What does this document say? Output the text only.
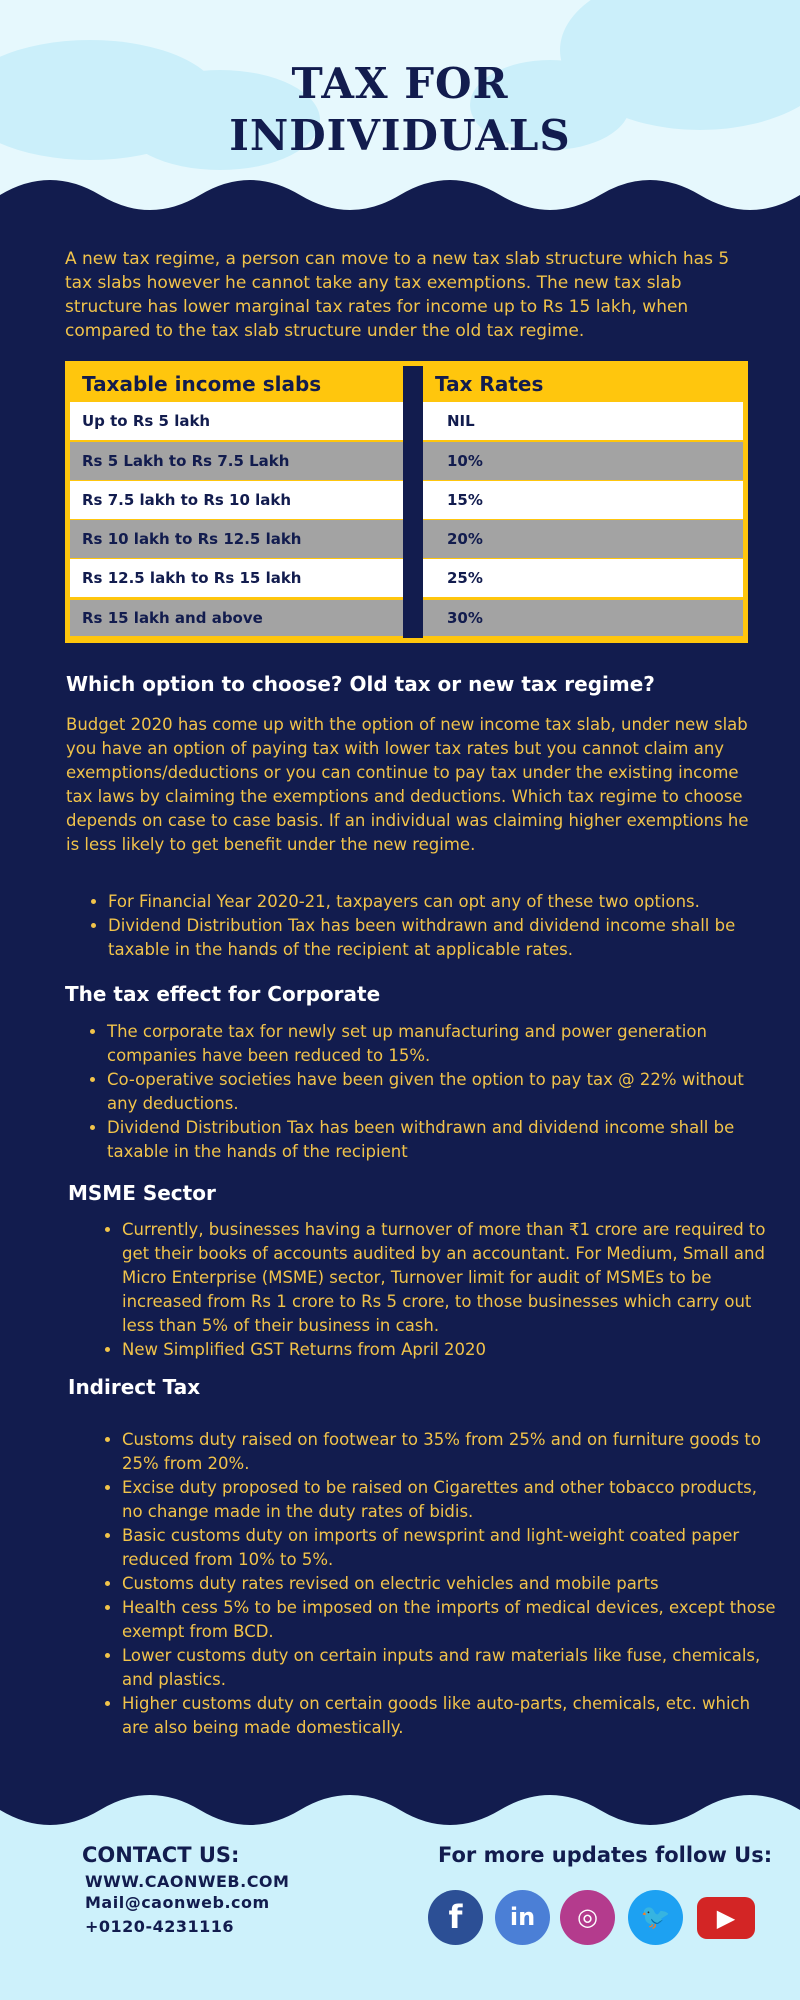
TAX FOR
INDIVIDUALS

A new tax regime, a person can move to a new tax slab structure which has 5 tax slabs however he cannot take any tax exemptions. The new tax slab structure has lower marginal tax rates for income up to Rs 15 lakh, when compared to the tax slab structure under the old tax regime.

Taxable income slabs	Tax Rates
Up to Rs 5 lakh	NIL
Rs 5 Lakh to Rs 7.5 Lakh	10%
Rs 7.5 lakh to Rs 10 lakh	15%
Rs 10 lakh to Rs 12.5 lakh	20%
Rs 12.5 lakh to Rs 15 lakh	25%
Rs 15 lakh and above	30%
Which option to choose? Old tax or new tax regime?

Budget 2020 has come up with the option of new income tax slab, under new slab you have an option of paying tax with lower tax rates but you cannot claim any exemptions/deductions or you can continue to pay tax under the existing income tax laws by claiming the exemptions and deductions. Which tax regime to choose depends on case to case basis. If an individual was claiming higher exemptions he is less likely to get benefit under the new regime.

• For Financial Year 2020-21, taxpayers can opt any of these two options.
• Dividend Distribution Tax has been withdrawn and dividend income shall be taxable in the hands of the recipient at applicable rates.
The tax effect for Corporate
• The corporate tax for newly set up manufacturing and power generation companies have been reduced to 15%.
• Co-operative societies have been given the option to pay tax @ 22% without any deductions.
• Dividend Distribution Tax has been withdrawn and dividend income shall be taxable in the hands of the recipient
MSME Sector
• Currently, businesses having a turnover of more than ₹1 crore are required to get their books of accounts audited by an accountant. For Medium, Small and Micro Enterprise (MSME) sector, Turnover limit for audit of MSMEs to be increased from Rs 1 crore to Rs 5 crore, to those businesses which carry out less than 5% of their business in cash.
• New Simplified GST Returns from April 2020
Indirect Tax
• Customs duty raised on footwear to 35% from 25% and on furniture goods to 25% from 20%.
• Excise duty proposed to be raised on Cigarettes and other tobacco products, no change made in the duty rates of bidis.
• Basic customs duty on imports of newsprint and light-weight coated paper reduced from 10% to 5%.
• Customs duty rates revised on electric vehicles and mobile parts
• Health cess 5% to be imposed on the imports of medical devices, except those exempt from BCD.
• Lower customs duty on certain inputs and raw materials like fuse, chemicals, and plastics.
• Higher customs duty on certain goods like auto-parts, chemicals, etc. which are also being made domestically.
CONTACT US:
WWW.CAONWEB.COM
Mail@caonweb.com
+0120-4231116
For more updates follow Us:
f	in	◎	🐦	▶
